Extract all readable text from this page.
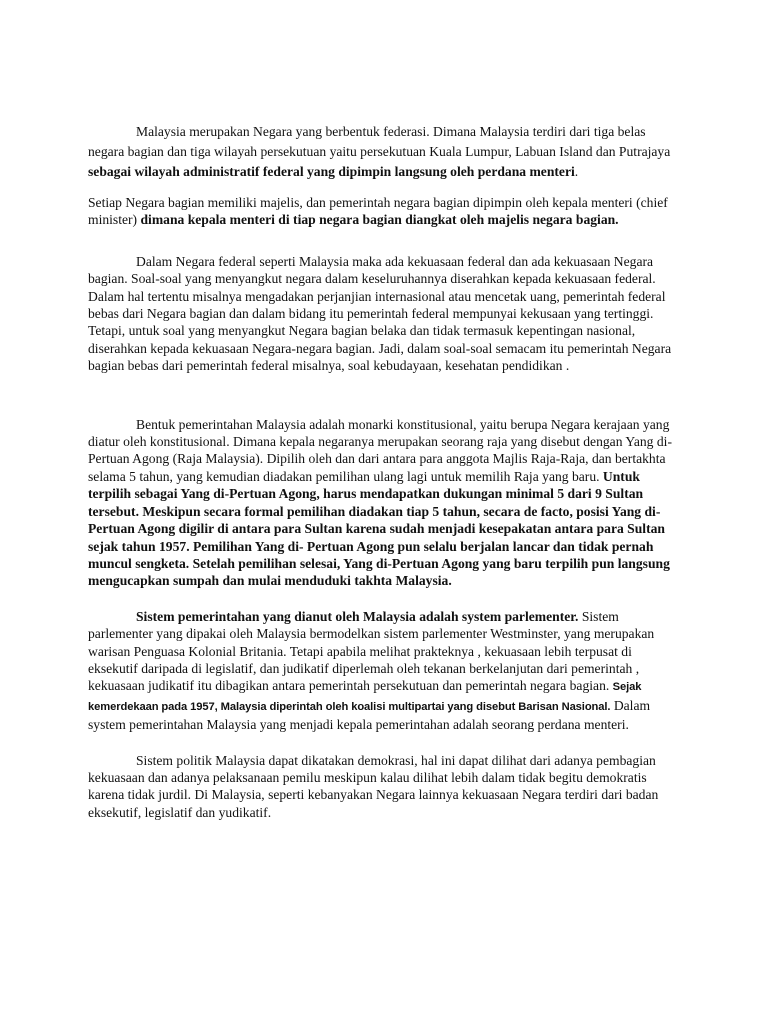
Malaysia merupakan Negara yang berbentuk federasi. Dimana Malaysia terdiri dari tiga belas negara bagian dan tiga wilayah persekutuan yaitu persekutuan Kuala Lumpur, Labuan Island dan Putrajaya sebagai wilayah administratif federal yang dipimpin langsung oleh perdana menteri.

Setiap Negara bagian memiliki majelis, dan pemerintah negara bagian dipimpin oleh kepala menteri (chief minister) dimana kepala menteri di tiap negara bagian diangkat oleh majelis negara bagian.

Dalam Negara federal seperti Malaysia maka ada kekuasaan federal dan ada kekuasaan Negara bagian. Soal-soal yang menyangkut negara dalam keseluruhannya diserahkan kepada kekuasaan federal. Dalam hal tertentu misalnya mengadakan perjanjian internasional atau mencetak uang, pemerintah federal bebas dari Negara bagian dan dalam bidang itu pemerintah federal mempunyai kekusaan yang tertinggi. Tetapi, untuk soal yang menyangkut Negara bagian belaka dan tidak termasuk kepentingan nasional, diserahkan kepada kekuasaan Negara-negara bagian. Jadi, dalam soal-soal semacam itu pemerintah Negara bagian bebas dari pemerintah federal misalnya, soal kebudayaan, kesehatan pendidikan .

Bentuk pemerintahan Malaysia adalah monarki konstitusional, yaitu berupa Negara kerajaan yang diatur oleh konstitusional. Dimana kepala negaranya merupakan seorang raja yang disebut dengan Yang di-Pertuan Agong (Raja Malaysia). Dipilih oleh dan dari antara para anggota Majlis Raja-Raja, dan bertakhta selama 5 tahun, yang kemudian diadakan pemilihan ulang lagi untuk memilih Raja yang baru. Untuk terpilih sebagai Yang di-Pertuan Agong, harus mendapatkan dukungan minimal 5 dari 9 Sultan tersebut. Meskipun secara formal pemilihan diadakan tiap 5 tahun, secara de facto, posisi Yang di-Pertuan Agong digilir di antara para Sultan karena sudah menjadi kesepakatan antara para Sultan sejak tahun 1957. Pemilihan Yang di- Pertuan Agong pun selalu berjalan lancar dan tidak pernah muncul sengketa. Setelah pemilihan selesai, Yang di-Pertuan Agong yang baru terpilih pun langsung mengucapkan sumpah dan mulai menduduki takhta Malaysia.

Sistem pemerintahan yang dianut oleh Malaysia adalah system parlementer. Sistem parlementer yang dipakai oleh Malaysia bermodelkan sistem parlementer Westminster, yang merupakan warisan Penguasa Kolonial Britania. Tetapi apabila melihat prakteknya , kekuasaan lebih terpusat di eksekutif daripada di legislatif, dan judikatif diperlemah oleh tekanan berkelanjutan dari pemerintah , kekuasaan judikatif itu dibagikan antara pemerintah persekutuan dan pemerintah negara bagian. Sejak kemerdekaan pada 1957, Malaysia diperintah oleh koalisi multipartai yang disebut Barisan Nasional. Dalam system pemerintahan Malaysia yang menjadi kepala pemerintahan adalah seorang perdana menteri.

Sistem politik Malaysia dapat dikatakan demokrasi, hal ini dapat dilihat dari adanya pembagian kekuasaan dan adanya pelaksanaan pemilu meskipun kalau dilihat lebih dalam tidak begitu demokratis karena tidak jurdil. Di Malaysia, seperti kebanyakan Negara lainnya kekuasaan Negara terdiri dari badan eksekutif, legislatif dan yudikatif.
